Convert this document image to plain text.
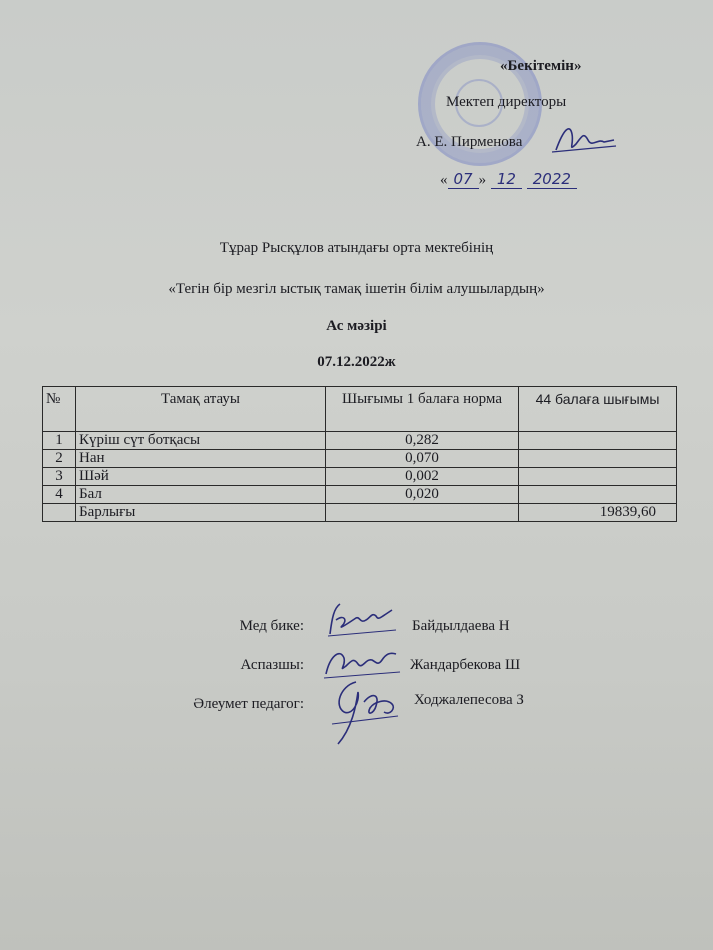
«Бекітемін»
Мектеп директоры
А. Е. Пирменова
« 07 » 12 2022
Тұрар Рысқұлов атындағы орта мектебінің
«Тегін бір мезгіл ыстық тамақ ішетін білім алушылардың»
Ас мәзірі
07.12.2022ж
№	Тамақ атауы	Шығымы 1 балаға норма	44 балаға шығымы
1	Күріш сүт ботқасы	0,282	
2	Нан	0,070	
3	Шәй	0,002	
4	Бал	0,020	
	Барлығы		19839,60
Мед бике:	Байдылдаева Н
Аспазшы:	Жандарбекова Ш
Әлеумет педагог:	Ходжалепесова З
